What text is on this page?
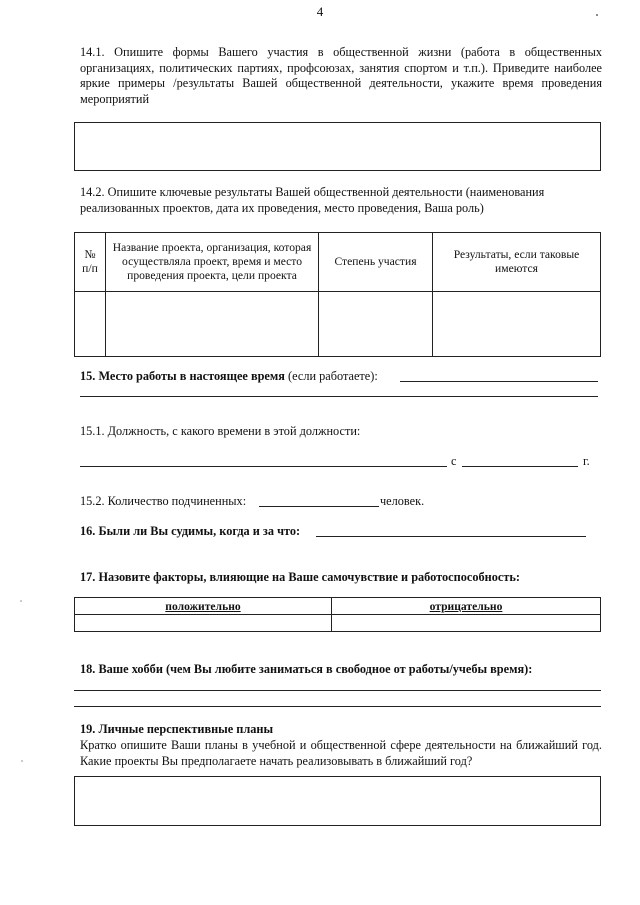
4
14.1. Опишите формы Вашего участия в общественной жизни (работа в общественных организациях, политических партиях, профсоюзах, занятия спортом и т.п.). Приведите наиболее яркие примеры /результаты Вашей общественной деятельности, укажите время проведения мероприятий
14.2. Опишите ключевые результаты Вашей общественной деятельности (наименования реализованных проектов, дата их проведения, место проведения, Ваша роль)
№ п/п	Название проекта, организация, которая осуществляла проект, время и место проведения проекта, цели проекта	Степень участия	Результаты, если таковые имеются

15. Место работы в настоящее время (если работаете):
15.1. Должность, с какого времени в этой должности:
с	г.
15.2. Количество подчиненных:	человек.
16. Были ли Вы судимы, когда и за что:
17. Назовите факторы, влияющие на Ваше самочувствие и работоспособность:
положительно	отрицательно

18. Ваше хобби (чем Вы любите заниматься в свободное от работы/учебы время):
19. Личные перспективные планы
Кратко опишите Ваши планы в учебной и общественной сфере деятельности на ближайший год. Какие проекты Вы предполагаете начать реализовывать в ближайший год?
